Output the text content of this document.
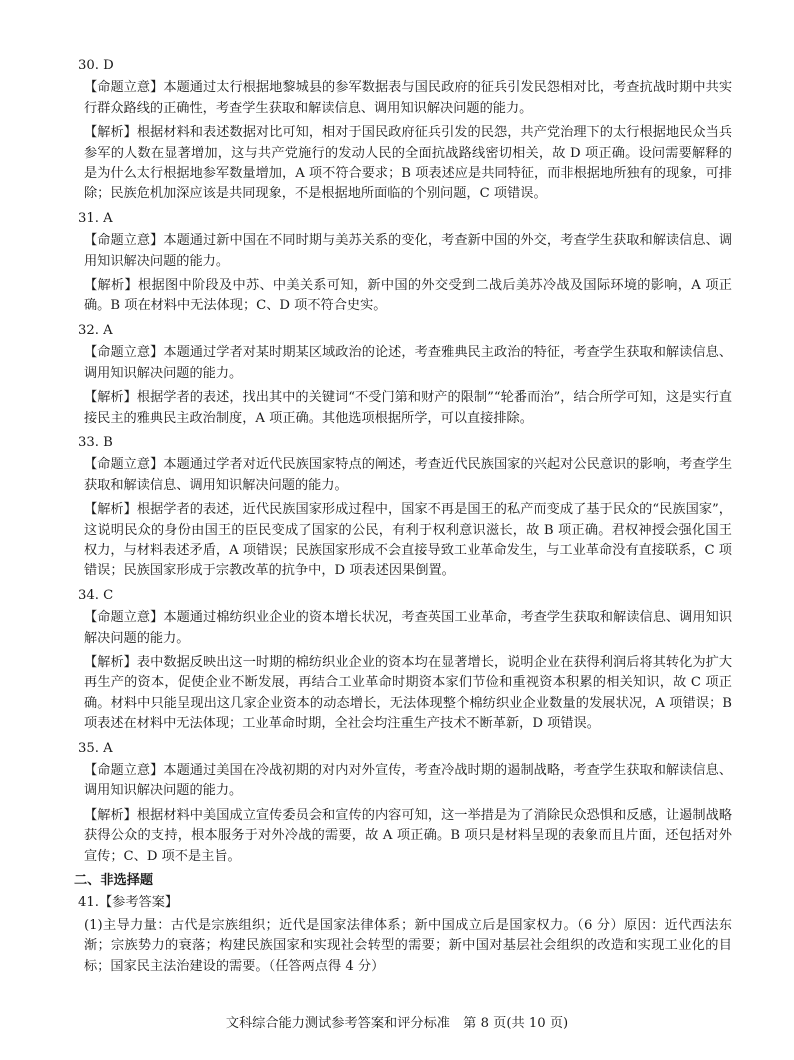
30. D

【命题立意】本题通过太行根据地黎城县的参军数据表与国民政府的征兵引发民怨相对比，考查抗战时期中共实行群众路线的正确性，考查学生获取和解读信息、调用知识解决问题的能力。

【解析】根据材料和表述数据对比可知，相对于国民政府征兵引发的民怨，共产党治理下的太行根据地民众当兵参军的人数在显著增加，这与共产党施行的发动人民的全面抗战路线密切相关，故 D 项正确。设问需要解释的是为什么太行根据地参军数量增加，A 项不符合要求；B 项表述应是共同特征，而非根据地所独有的现象，可排除；民族危机加深应该是共同现象，不是根据地所面临的个别问题，C 项错误。

31. A

【命题立意】本题通过新中国在不同时期与美苏关系的变化，考查新中国的外交，考查学生获取和解读信息、调用知识解决问题的能力。

【解析】根据图中阶段及中苏、中美关系可知，新中国的外交受到二战后美苏冷战及国际环境的影响，A 项正确。B 项在材料中无法体现；C、D 项不符合史实。

32. A

【命题立意】本题通过学者对某时期某区域政治的论述，考查雅典民主政治的特征，考查学生获取和解读信息、调用知识解决问题的能力。

【解析】根据学者的表述，找出其中的关键词“不受门第和财产的限制”“轮番而治”，结合所学可知，这是实行直接民主的雅典民主政治制度，A 项正确。其他选项根据所学，可以直接排除。

33. B

【命题立意】本题通过学者对近代民族国家特点的阐述，考查近代民族国家的兴起对公民意识的影响，考查学生获取和解读信息、调用知识解决问题的能力。

【解析】根据学者的表述，近代民族国家形成过程中，国家不再是国王的私产而变成了基于民众的“民族国家”，这说明民众的身份由国王的臣民变成了国家的公民，有利于权利意识滋长，故 B 项正确。君权神授会强化国王权力，与材料表述矛盾，A 项错误；民族国家形成不会直接导致工业革命发生，与工业革命没有直接联系，C 项错误；民族国家形成于宗教改革的抗争中，D 项表述因果倒置。

34. C

【命题立意】本题通过棉纺织业企业的资本增长状况，考查英国工业革命，考查学生获取和解读信息、调用知识解决问题的能力。

【解析】表中数据反映出这一时期的棉纺织业企业的资本均在显著增长，说明企业在获得利润后将其转化为扩大再生产的资本，促使企业不断发展，再结合工业革命时期资本家们节俭和重视资本积累的相关知识，故 C 项正确。材料中只能呈现出这几家企业资本的动态增长，无法体现整个棉纺织业企业数量的发展状况，A 项错误；B 项表述在材料中无法体现；工业革命时期，全社会均注重生产技术不断革新，D 项错误。

35. A

【命题立意】本题通过美国在冷战初期的对内对外宣传，考查冷战时期的遏制战略，考查学生获取和解读信息、调用知识解决问题的能力。

【解析】根据材料中美国成立宣传委员会和宣传的内容可知，这一举措是为了消除民众恐惧和反感，让遏制战略获得公众的支持，根本服务于对外冷战的需要，故 A 项正确。B 项只是材料呈现的表象而且片面，还包括对外宣传；C、D 项不是主旨。

二、非选择题
41.【参考答案】

(1)主导力量：古代是宗族组织；近代是国家法律体系；新中国成立后是国家权力。（6 分）原因：近代西法东渐；宗族势力的衰落；构建民族国家和实现社会转型的需要；新中国对基层社会组织的改造和实现工业化的目标；国家民主法治建设的需要。（任答两点得 4 分）

文科综合能力测试参考答案和评分标准　第 8 页(共 10 页)
